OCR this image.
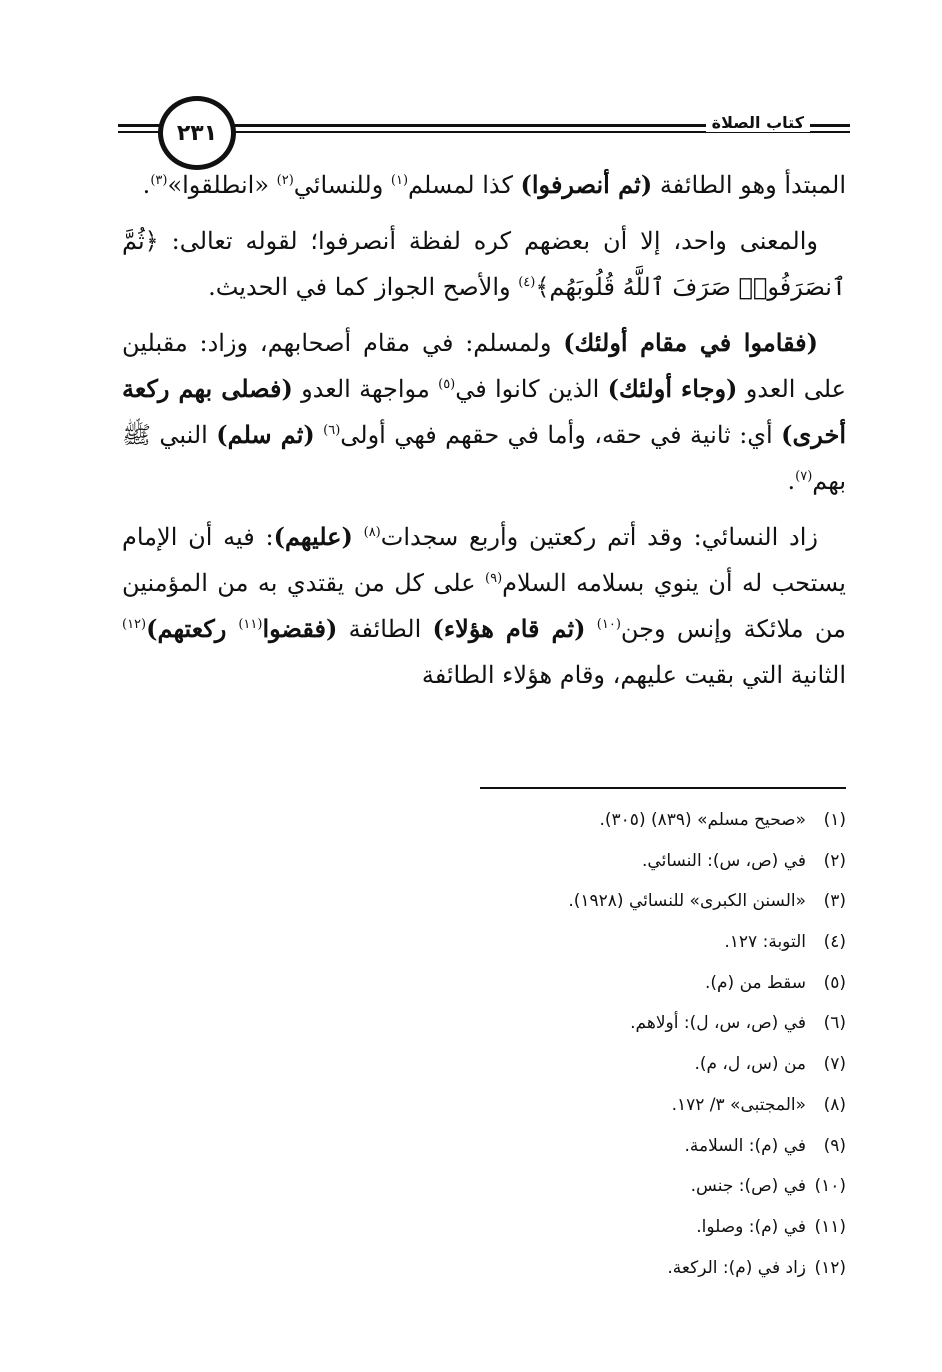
٢٣١	كتاب الصلاة

المبتدأ وهو الطائفة (ثم أنصرفوا) كذا لمسلم$^{(١)}$ وللنسائي$^{(٢)}$ «انطلقوا»$^{(٣)}$.

والمعنى واحد، إلا أن بعضهم كره لفظة أنصرفوا؛ لقوله تعالى: ﴿ثُمَّ ٱنصَرَفُوا۟ صَرَفَ ٱللَّهُ قُلُوبَهُم﴾$^{(٤)}$ والأصح الجواز كما في الحديث.

(فقاموا في مقام أولئك) ولمسلم: في مقام أصحابهم، وزاد: مقبلين على العدو (وجاء أولئك) الذين كانوا في$^{(٥)}$ مواجهة العدو (فصلى بهم ركعة أخرى) أي: ثانية في حقه، وأما في حقهم فهي أولى$^{(٦)}$ (ثم سلم) النبي ﷺ بهم$^{(٧)}$.

زاد النسائي: وقد أتم ركعتين وأربع سجدات$^{(٨)}$ (عليهم): فيه أن الإمام يستحب له أن ينوي بسلامه السلام$^{(٩)}$ على كل من يقتدي به من المؤمنين من ملائكة وإنس وجن$^{(١٠)}$ (ثم قام هؤلاء) الطائفة (فقضوا$^{(١١)}$ ركعتهم)$^{(١٢)}$ الثانية التي بقيت عليهم، وقام هؤلاء الطائفة

(١)«صحيح مسلم» (٨٣٩) (٣٠٥).
(٢)في (ص، س): النسائي.
(٣)«السنن الكبرى» للنسائي (١٩٢٨).
(٤)التوبة: ١٢٧.
(٥)سقط من (م).
(٦)في (ص، س، ل): أولاهم.
(٧)من (س، ل، م).
(٨)«المجتبى» ٣/ ١٧٢.
(٩)في (م): السلامة.
(١٠)في (ص): جنس.
(١١)في (م): وصلوا.
(١٢)زاد في (م): الركعة.
